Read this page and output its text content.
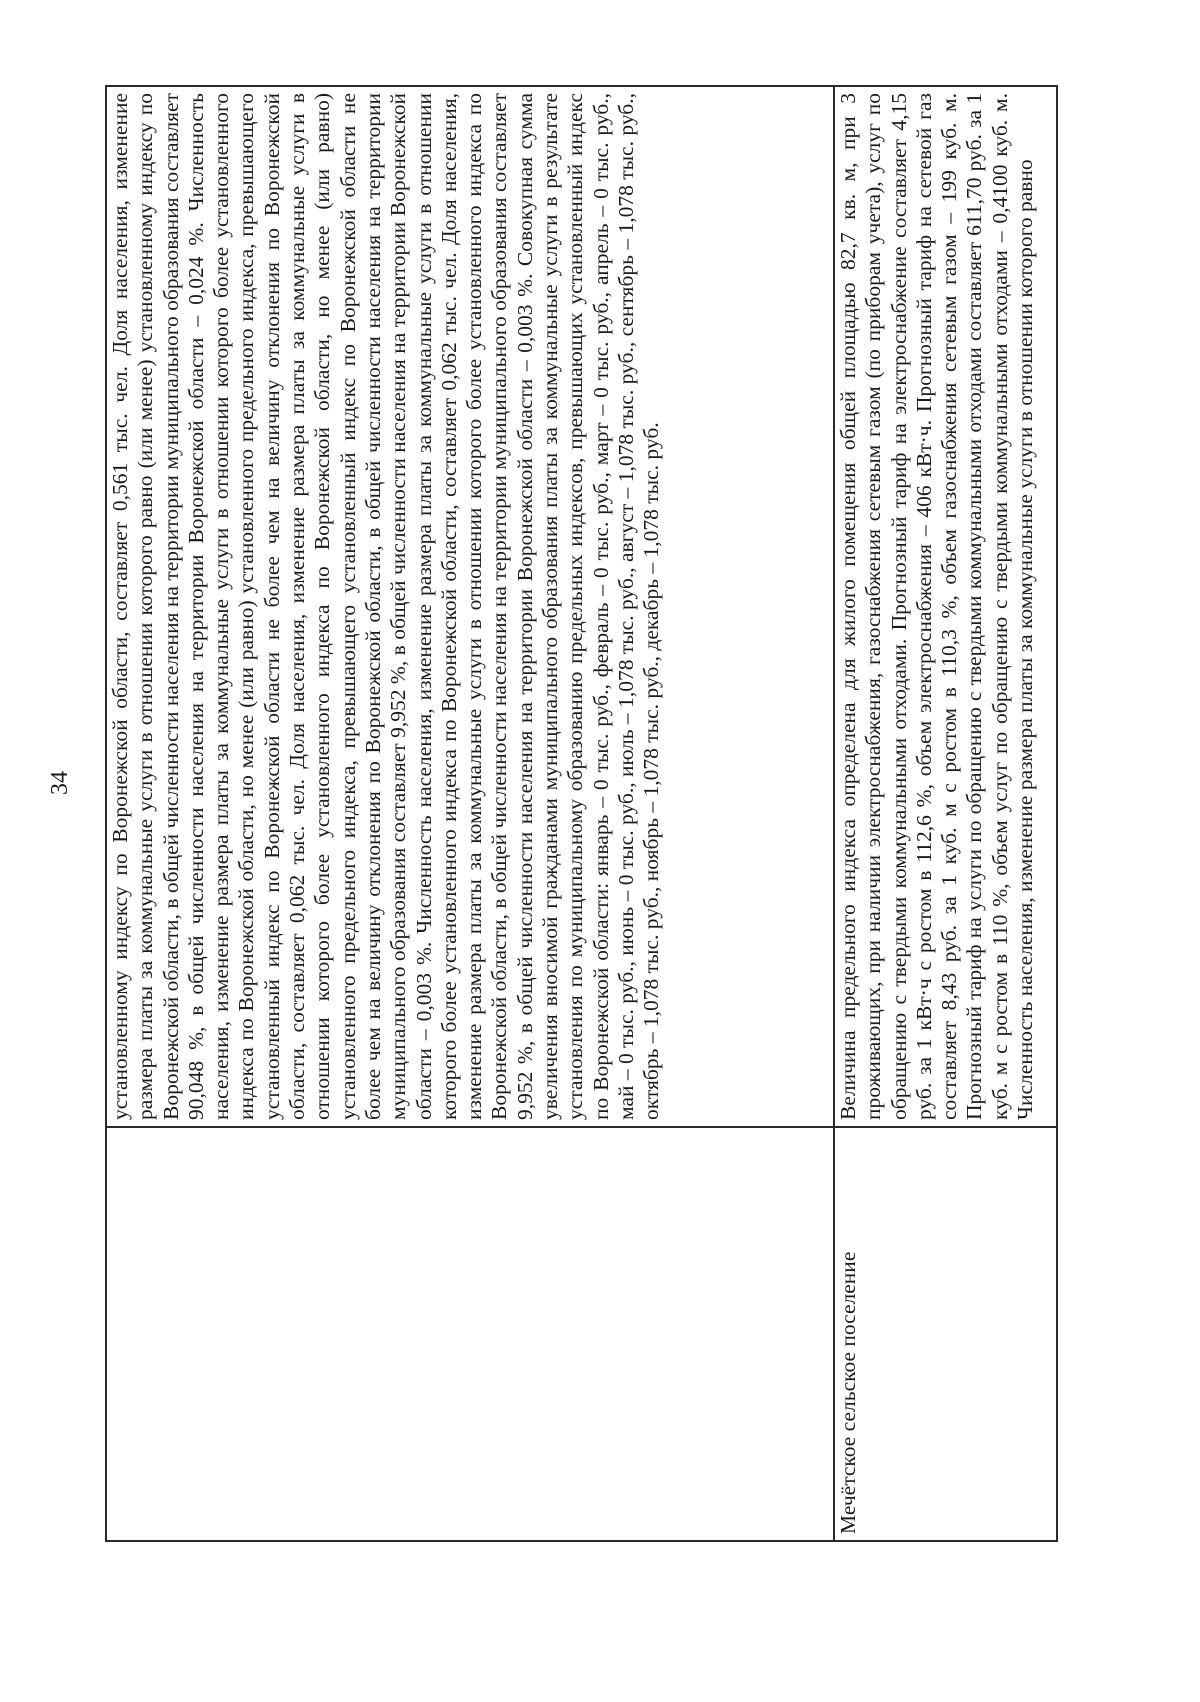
34

	установленному индексу по Воронежской области, составляет 0,561 тыс. чел. Доля населения, изменение размера платы за коммунальные услуги в отношении которого равно (или менее) установленному индексу по Воронежской области, в общей численности населения на территории муниципального образования составляет 90,048 %, в общей численности населения на территории Воронежской области – 0,024 %. Численность населения, изменение размера платы за коммунальные услуги в отношении которого более установленного индекса по Воронежской области, но менее (или равно) установленного предельного индекса, превышающего установленный индекс по Воронежской области не более чем на величину отклонения по Воронежской области, составляет 0,062 тыс. чел. Доля населения, изменение размера платы за коммунальные услуги в отношении которого более установленного индекса по Воронежской области, но менее (или равно) установленного предельного индекса, превышающего установленный индекс по Воронежской области не более чем на величину отклонения по Воронежской области, в общей численности населения на территории муниципального образования составляет 9,952 %, в общей численности населения на территории Воронежской области – 0,003 %. Численность населения, изменение размера платы за коммунальные услуги в отношении которого более установленного индекса по Воронежской области, составляет 0,062 тыс. чел. Доля населения, изменение размера платы за коммунальные услуги в отношении которого более установленного индекса по Воронежской области, в общей численности населения на территории муниципального образования составляет 9,952 %, в общей численности населения на территории Воронежской области – 0,003 %. Совокупная сумма увеличения вносимой гражданами муниципального образования платы за коммунальные услуги в результате установления по муниципальному образованию предельных индексов, превышающих установленный индекс по Воронежской области: январь – 0 тыс. руб., февраль – 0 тыс. руб., март – 0 тыс. руб., апрель – 0 тыс. руб., май – 0 тыс. руб., июнь – 0 тыс. руб., июль – 1,078 тыс. руб., август – 1,078 тыс. руб., сентябрь – 1,078 тыс. руб., октябрь – 1,078 тыс. руб., ноябрь – 1,078 тыс. руб., декабрь – 1,078 тыс. руб.

Мечётское сельское поселение	Величина предельного индекса определена для жилого помещения общей площадью 82,7 кв. м, при 3 проживающих, при наличии электроснабжения, газоснабжения сетевым газом (по приборам учета), услуг по обращению с твердыми коммунальными отходами. Прогнозный тариф на электроснабжение составляет 4,15 руб. за 1 кВт·ч с ростом в 112,6 %, объем электроснабжения – 406 кВт·ч. Прогнозный тариф на сетевой газ составляет 8,43 руб. за 1 куб. м с ростом в 110,3 %, объем газоснабжения сетевым газом – 199 куб. м. Прогнозный тариф на услуги по обращению с твердыми коммунальными отходами составляет 611,70 руб. за 1 куб. м с ростом в 110 %, объем услуг по обращению с твердыми коммунальными отходами – 0,4100 куб. м. Численность населения, изменение размера платы за коммунальные услуги в отношении которого равно
